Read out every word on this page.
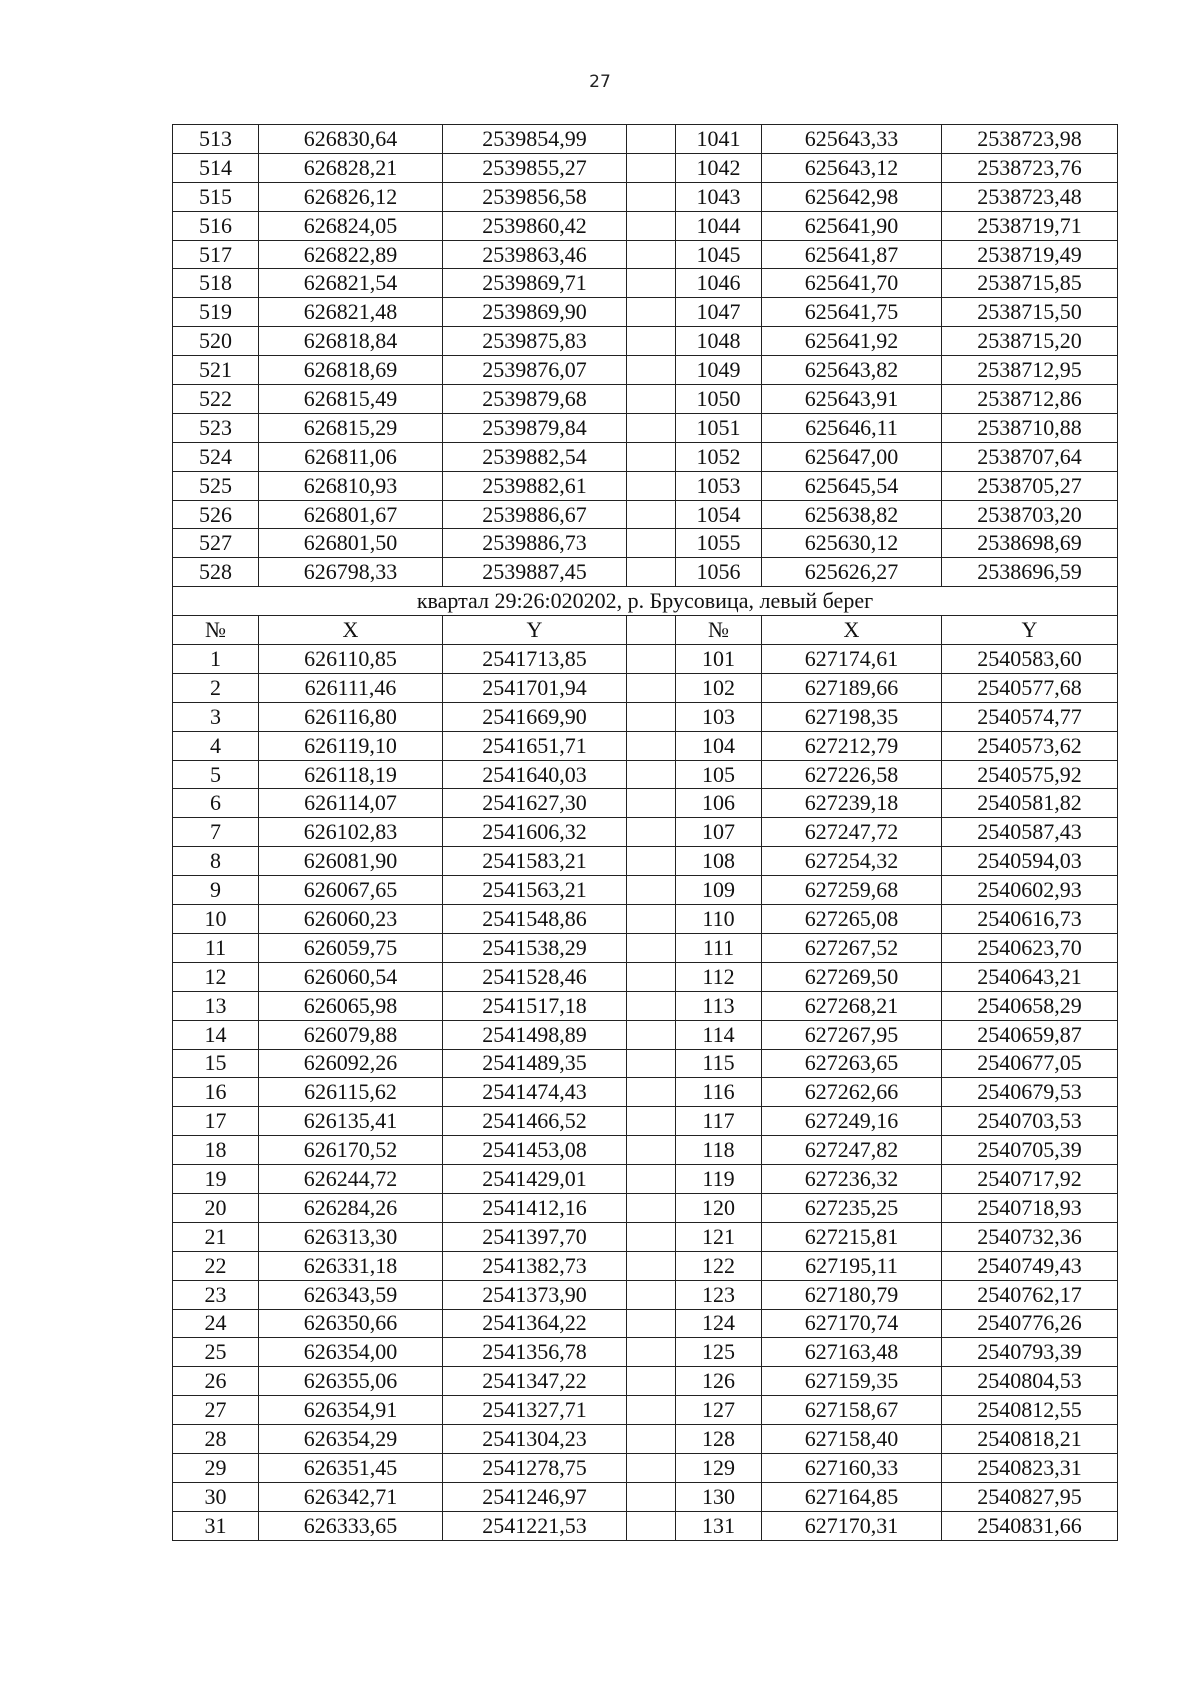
27
513	626830,64	2539854,99		1041	625643,33	2538723,98
514	626828,21	2539855,27		1042	625643,12	2538723,76
515	626826,12	2539856,58		1043	625642,98	2538723,48
516	626824,05	2539860,42		1044	625641,90	2538719,71
517	626822,89	2539863,46		1045	625641,87	2538719,49
518	626821,54	2539869,71		1046	625641,70	2538715,85
519	626821,48	2539869,90		1047	625641,75	2538715,50
520	626818,84	2539875,83		1048	625641,92	2538715,20
521	626818,69	2539876,07		1049	625643,82	2538712,95
522	626815,49	2539879,68		1050	625643,91	2538712,86
523	626815,29	2539879,84		1051	625646,11	2538710,88
524	626811,06	2539882,54		1052	625647,00	2538707,64
525	626810,93	2539882,61		1053	625645,54	2538705,27
526	626801,67	2539886,67		1054	625638,82	2538703,20
527	626801,50	2539886,73		1055	625630,12	2538698,69
528	626798,33	2539887,45		1056	625626,27	2538696,59
квартал 29:26:020202, р. Брусовица, левый берег						
№	X	Y		№	X	Y
1	626110,85	2541713,85		101	627174,61	2540583,60
2	626111,46	2541701,94		102	627189,66	2540577,68
3	626116,80	2541669,90		103	627198,35	2540574,77
4	626119,10	2541651,71		104	627212,79	2540573,62
5	626118,19	2541640,03		105	627226,58	2540575,92
6	626114,07	2541627,30		106	627239,18	2540581,82
7	626102,83	2541606,32		107	627247,72	2540587,43
8	626081,90	2541583,21		108	627254,32	2540594,03
9	626067,65	2541563,21		109	627259,68	2540602,93
10	626060,23	2541548,86		110	627265,08	2540616,73
11	626059,75	2541538,29		111	627267,52	2540623,70
12	626060,54	2541528,46		112	627269,50	2540643,21
13	626065,98	2541517,18		113	627268,21	2540658,29
14	626079,88	2541498,89		114	627267,95	2540659,87
15	626092,26	2541489,35		115	627263,65	2540677,05
16	626115,62	2541474,43		116	627262,66	2540679,53
17	626135,41	2541466,52		117	627249,16	2540703,53
18	626170,52	2541453,08		118	627247,82	2540705,39
19	626244,72	2541429,01		119	627236,32	2540717,92
20	626284,26	2541412,16		120	627235,25	2540718,93
21	626313,30	2541397,70		121	627215,81	2540732,36
22	626331,18	2541382,73		122	627195,11	2540749,43
23	626343,59	2541373,90		123	627180,79	2540762,17
24	626350,66	2541364,22		124	627170,74	2540776,26
25	626354,00	2541356,78		125	627163,48	2540793,39
26	626355,06	2541347,22		126	627159,35	2540804,53
27	626354,91	2541327,71		127	627158,67	2540812,55
28	626354,29	2541304,23		128	627158,40	2540818,21
29	626351,45	2541278,75		129	627160,33	2540823,31
30	626342,71	2541246,97		130	627164,85	2540827,95
31	626333,65	2541221,53		131	627170,31	2540831,66
